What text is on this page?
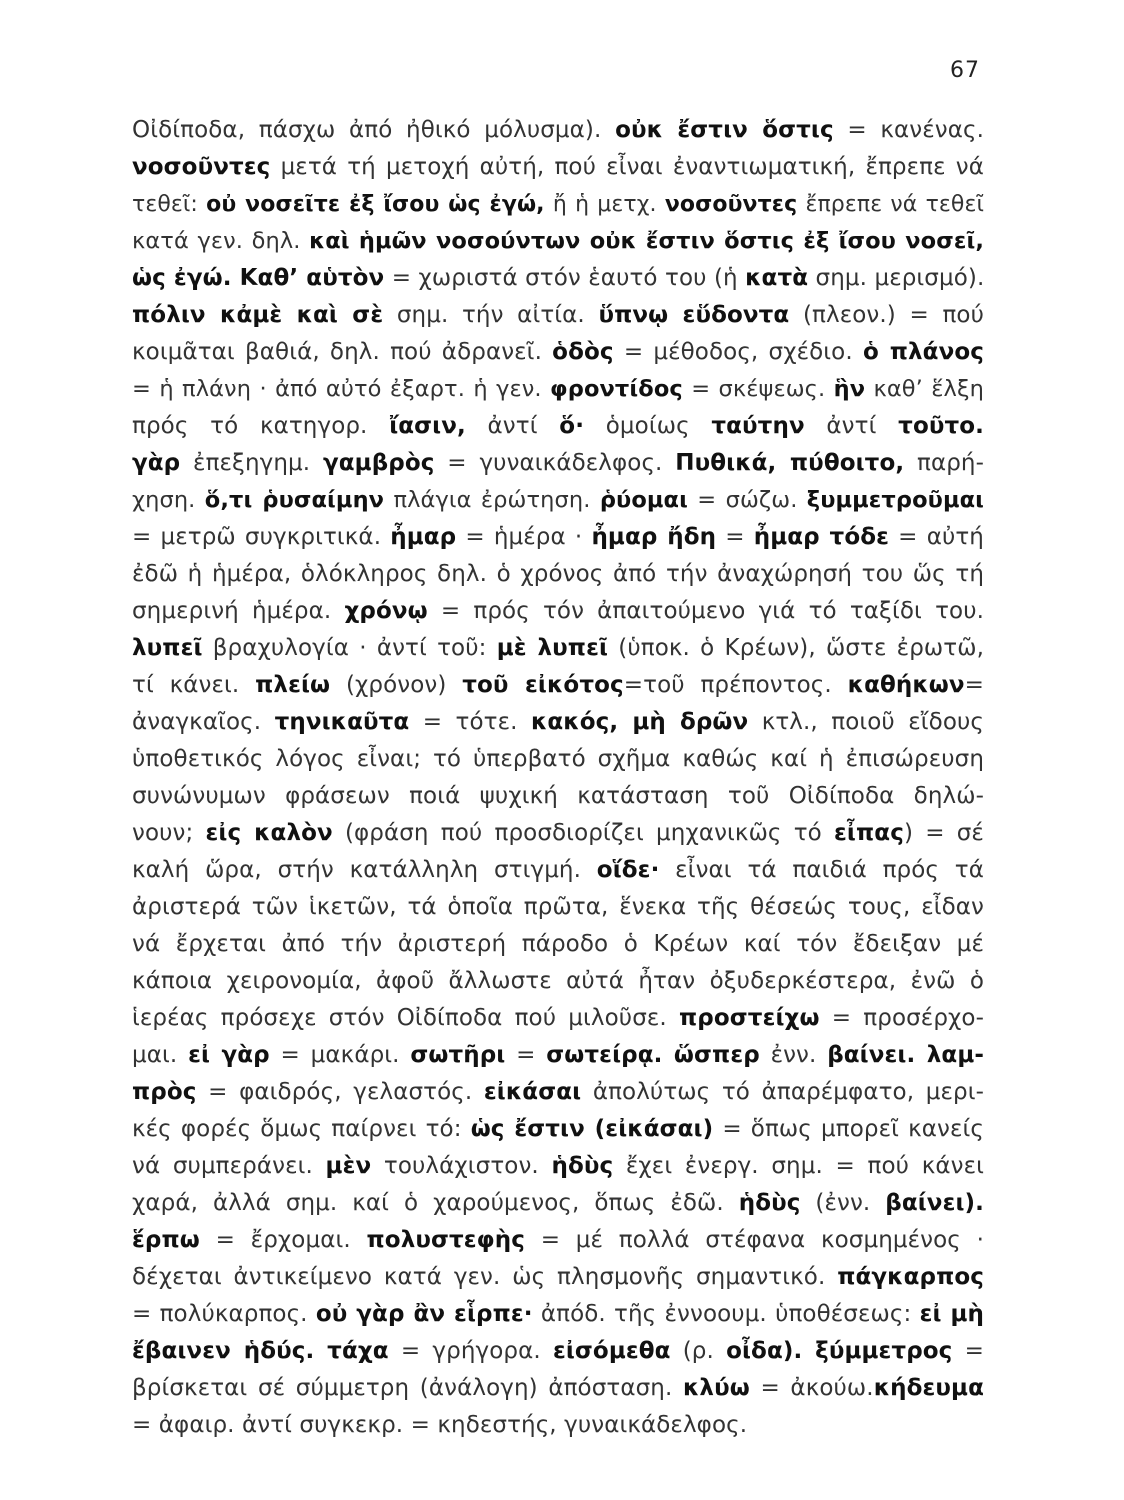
67
Οἰδίποδα, πάσχω ἀπό ἠθικό μόλυσμα). οὐκ ἔστιν ὅστις = κανένας.
νοσοῦντες μετά τή μετοχή αὐτή, πού εἶναι ἐναντιωματική, ἔπρεπε νά
τεθεῖ: οὐ νοσεῖτε ἐξ ἴσου ὡς ἐγώ, ἤ ἡ μετχ. νοσοῦντες ἔπρεπε νά τεθεῖ
κατά γεν. δηλ. καὶ ἡμῶν νοσούντων οὐκ ἔστιν ὅστις ἐξ ἴσου νοσεῖ,
ὡς ἐγώ. Καθ’ αὑτὸν = χωριστά στόν ἑαυτό του (ἡ κατὰ σημ. μερισμό).
πόλιν κἀμὲ καὶ σὲ σημ. τήν αἰτία. ὕπνῳ εὕδοντα (πλεον.) = πού
κοιμᾶται βαθιά, δηλ. πού ἀδρανεῖ. ὁδὸς = μέθοδος, σχέδιο. ὁ πλάνος
= ἡ πλάνη · ἀπό αὐτό ἐξαρτ. ἡ γεν. φροντίδος = σκέψεως. ἣν καθ’ ἕλξη
πρός τό κατηγορ. ἴασιν, ἀντί ὅ· ὁμοίως ταύτην ἀντί τοῦτο.
γὰρ ἐπεξηγημ. γαμβρὸς = γυναικάδελφος. Πυθικά, πύθοιτο, παρή-
χηση. ὅ,τι ῥυσαίμην πλάγια ἐρώτηση. ῥύομαι = σώζω. ξυμμετροῦμαι
= μετρῶ συγκριτικά. ἦμαρ = ἡμέρα · ἦμαρ ἤδη = ἦμαρ τόδε = αὐτή
ἐδῶ ἡ ἡμέρα, ὁλόκληρος δηλ. ὁ χρόνος ἀπό τήν ἀναχώρησή του ὥς τή
σημερινή ἡμέρα. χρόνῳ = πρός τόν ἀπαιτούμενο γιά τό ταξίδι του.
λυπεῖ βραχυλογία · ἀντί τοῦ: μὲ λυπεῖ (ὑποκ. ὁ Κρέων), ὥστε ἐρωτῶ,
τί κάνει. πλείω (χρόνον) τοῦ εἰκότος=τοῦ πρέποντος. καθήκων=
ἀναγκαῖος. τηνικαῦτα = τότε. κακός, μὴ δρῶν κτλ., ποιοῦ εἴδους
ὑποθετικός λόγος εἶναι; τό ὑπερβατό σχῆμα καθώς καί ἡ ἐπισώρευση
συνώνυμων φράσεων ποιά ψυχική κατάσταση τοῦ Οἰδίποδα δηλώ-
νουν; εἰς καλὸν (φράση πού προσδιορίζει μηχανικῶς τό εἶπας) = σέ
καλή ὥρα, στήν κατάλληλη στιγμή. οἵδε· εἶναι τά παιδιά πρός τά
ἀριστερά τῶν ἱκετῶν, τά ὁποῖα πρῶτα, ἕνεκα τῆς θέσεώς τους, εἶδαν
νά ἔρχεται ἀπό τήν ἀριστερή πάροδο ὁ Κρέων καί τόν ἔδειξαν μέ
κάποια χειρονομία, ἀφοῦ ἄλλωστε αὐτά ἦταν ὀξυδερκέστερα, ἐνῶ ὁ
ἱερέας πρόσεχε στόν Οἰδίποδα πού μιλοῦσε. προστείχω = προσέρχο-
μαι. εἰ γὰρ = μακάρι. σωτῆρι = σωτείρᾳ. ὥσπερ ἐνν. βαίνει. λαμ-
πρὸς = φαιδρός, γελαστός. εἰκάσαι ἀπολύτως τό ἀπαρέμφατο, μερι-
κές φορές ὅμως παίρνει τό: ὡς ἔστιν (εἰκάσαι) = ὅπως μπορεῖ κανείς
νά συμπεράνει. μὲν τουλάχιστον. ἡδὺς ἔχει ἐνεργ. σημ. = πού κάνει
χαρά, ἀλλά σημ. καί ὁ χαρούμενος, ὅπως ἐδῶ. ἡδὺς (ἐνν. βαίνει).
ἕρπω = ἔρχομαι. πολυστεφὴς = μέ πολλά στέφανα κοσμημένος ·
δέχεται ἀντικείμενο κατά γεν. ὡς πλησμονῆς σημαντικό. πάγκαρπος
= πολύκαρπος. οὐ γὰρ ἂν εἷρπε· ἀπόδ. τῆς ἐννοουμ. ὑποθέσεως: εἰ μὴ
ἔβαινεν ἡδύς. τάχα = γρήγορα. εἰσόμεθα (ρ. οἶδα). ξύμμετρος =
βρίσκεται σέ σύμμετρη (ἀνάλογη) ἀπόσταση. κλύω = ἀκούω.κήδευμα
= ἀφαιρ. ἀντί συγκεκρ. = κηδεστής, γυναικάδελφος.
